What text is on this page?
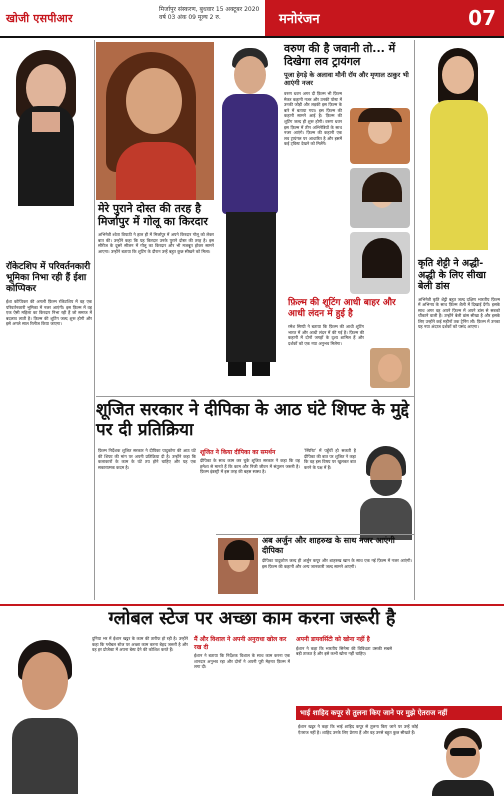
खोजी एसपीआर
मिर्जापुर संस्करण, बुधवार 15 अक्टूबर 2020
वर्ष 03 अंक 09 मूल्य 2 रु.	मनोरंजन	07
रॉकेटशिप में परिवर्तनकारी भूमिका निभा रही हैं ईशा कोप्पिकर
ईशा कोप्पिकर की अगली फ़िल्म रॉकेटशिप में वह एक परिवर्तनकारी भूमिका में नजर आएंगी। इस फ़िल्म में वह एक ऐसी महिला का किरदार निभा रही हैं जो समाज में बदलाव लाती है। फ़िल्म की शूटिंग जल्द शुरू होगी और इसे अगले साल रिलीज किया जाएगा।
मेरे पुराने दोस्त की तरह है मिर्जापुर में गोलू का किरदार
अभिनेत्री श्वेता त्रिपाठी ने हाल ही में मिर्जापुर में अपने किरदार गोलू को लेकर बात की। उन्होंने कहा कि यह किरदार उनके पुराने दोस्त की तरह है। इस सीरीज के दूसरे सीजन में गोलू का किरदार और भी मजबूत होकर सामने आएगा। उन्होंने बताया कि शूटिंग के दौरान उन्हें बहुत कुछ सीखने को मिला।
वरुण की है जवानी तो... में दिखेगा लव ट्रायंगल
पूजा हेगड़े के अलावा मौनी रॉय और मृणाल ठाकुर भी आएंगी नजर
वरुण धवन अगर दी फ़िल्म भी फ़िल्म मेकर कहानी नजर और उनकी पोस्ट में उनकी जोड़ी और लड़की इस फ़िल्म के बारे में बताया गया। इस फ़िल्म की कहानी सामने आई है। फ़िल्म की शूटिंग जल्द ही शुरू होगी। वरुण धवन इस फ़िल्म में तीन अभिनेत्रियों के साथ नजर आएंगे। फ़िल्म की कहानी एक लव ट्रायंगल पर आधारित है और इसमें कई ट्विस्ट देखने को मिलेंगे।
फ़िल्म की शूटिंग आधी बाहर और आधी लंदन में हुई है
रमेश सिप्पी ने बताया कि फ़िल्म की आधी शूटिंग भारत में और आधी लंदन में की गई है। फ़िल्म की कहानी में दोनों जगहों के दृश्य शामिल हैं और दर्शकों को एक नया अनुभव मिलेगा।
कृति शेट्टी ने अद्धी-अद्धी के लिए सीखा बेली डांस
अभिनेत्री कृति शेट्टी बहुत जल्द दक्षिण भारतीय फ़िल्म में अभिनय के साथ फ़िल्म शैली में दिखाई देंगी। इसके साथ अगर वह अपने फ़िल्म में अपने डांस से सबको चौंकाने वाली हैं। उन्होंने बेली डांस सीखा है और इसके लिए उन्होंने कई महीनों तक ट्रेनिंग ली। फ़िल्म में उनका यह नया अंदाज दर्शकों को पसंद आएगा।
शूजित सरकार ने दीपिका के आठ घंटे शिफ्ट के मुद्दे पर दी प्रतिक्रिया
फ़िल्म निर्देशक शूजित सरकार ने दीपिका पादुकोण की आठ घंटे की शिफ्ट की मांग पर अपनी प्रतिक्रिया दी है। उन्होंने कहा कि कलाकारों के काम के घंटे तय होने चाहिए और यह एक सकारात्मक कदम है।
शूजित ने किया दीपिका का समर्थन
दीपिका के साथ काम कर चुके शूजित सरकार ने कहा कि वह हमेशा से मानते हैं कि काम और निजी जीवन में संतुलन जरूरी है। फ़िल्म इंडस्ट्री में इस तरह की बहस स्वस्थ है।
'स्पिरिट' में पहुँचीं हो सकती है दीपिका की बात पर शूजित ने कहा कि वह इस विषय पर खुलकर बात करने के पक्ष में हैं।
अब अर्जुन और शाहरुख के साथ नजर आएंगी दीपिका
दीपिका पादुकोण जल्द ही अर्जुन कपूर और शाहरुख खान के साथ एक नई फ़िल्म में नजर आएंगी। इस फ़िल्म की कहानी और अन्य जानकारी जल्द सामने आएगी।
ग्लोबल स्टेज पर अच्छा काम करना जरूरी है
दुनिया भर में ईशान खट्टर के काम की तारीफ हो रही है। उन्होंने कहा कि ग्लोबल स्टेज पर अच्छा काम करना बेहद जरूरी है और वह हर प्रोजेक्ट में अपना बेस्ट देने की कोशिश करते हैं।
मैं और विशाल ने अपनी अनुराधा खोल कर रख दी
ईशान ने बताया कि निर्देशक विशाल के साथ काम करना एक शानदार अनुभव रहा और दोनों ने अपनी पूरी मेहनत फ़िल्म में लगा दी।
अपनी डायवर्सिटी को खोना नहीं है
ईशान ने कहा कि भारतीय सिनेमा की विविधता उसकी सबसे बड़ी ताकत है और इसे कभी खोना नहीं चाहिए।
भाई शाहिद कपूर से तुलना किए जाने पर मुझे ऐतराज नहीं
ईशान खट्टर ने कहा कि भाई शाहिद कपूर से तुलना किए जाने पर उन्हें कोई ऐतराज नहीं है। शाहिद उनके लिए प्रेरणा हैं और वह उनसे बहुत कुछ सीखते हैं।
